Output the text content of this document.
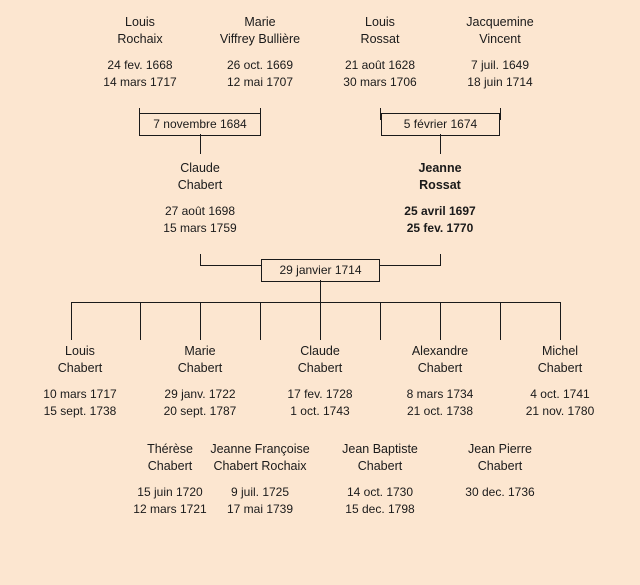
Louis
Rochaix
24 fev. 1668
14 mars 1717
Marie
Viffrey Bullière
26 oct. 1669
12 mai 1707
Louis
Rossat
21 août 1628
30 mars 1706
Jacquemine
Vincent
7 juil. 1649
18 juin 1714
7 novembre 1684	5 février 1674
Claude
Chabert
27 août 1698
15 mars 1759
Jeanne
Rossat
25 avril 1697
25 fev. 1770
29 janvier 1714
Louis
Chabert
10 mars 1717
15 sept. 1738
Marie
Chabert
29 janv. 1722
20 sept. 1787
Claude
Chabert
17 fev. 1728
1 oct. 1743
Alexandre
Chabert
8 mars 1734
21 oct. 1738
Michel
Chabert
4 oct. 1741
21 nov. 1780
Thérèse
Chabert
15 juin 1720
12 mars 1721
Jeanne Françoise
Chabert Rochaix
9 juil. 1725
17 mai 1739
Jean Baptiste
Chabert
14 oct. 1730
15 dec. 1798
Jean Pierre
Chabert
30 dec. 1736
